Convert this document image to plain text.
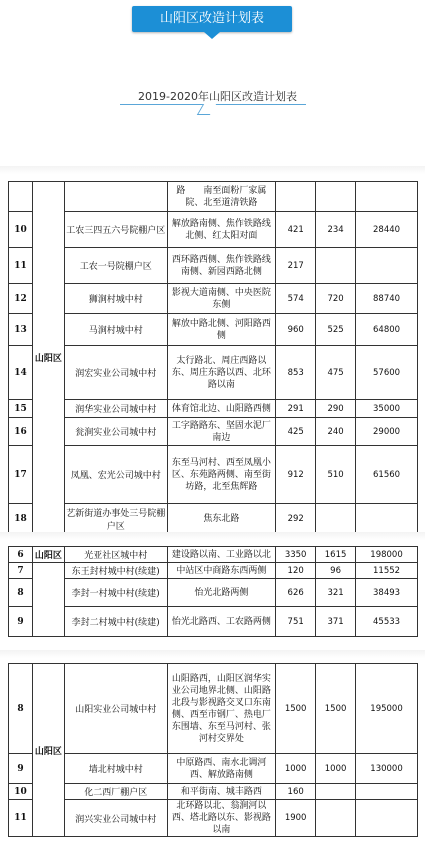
山阳区改造计划表
2019-2020年山阳区改造计划表
	山阳区		路　　南至面粉厂家属院、北至道清铁路			
10		工农三四五六号院棚户区	解放路南侧、焦作铁路线北侧、红太阳对面	421	234	28440
11		工农一号院棚户区	西环路西侧、焦作铁路线南侧、新园西路北侧	217		
12		狮涧村城中村	影视大道南侧、中央医院东侧	574	720	88740
13		马涧村城中村	解放中路北侧、河阳路西侧	960	525	64800
14		润宏实业公司城中村	太行路北、周庄西路以东、周庄东路以西、北环路以南	853	475	57600
15		润华实业公司城中村	体育馆北边、山阳路西侧	291	290	35000
16		瓮涧实业公司城中村	工字路路东、坚固水泥厂南边	425	240	29000
17		凤凰、宏光公司城中村	东至马河村、西至凤凰小区、东苑路两侧、南至街坊路，北至焦辉路	912	510	61560
18		艺新街道办事处三号院棚户区	焦东北路	292		
6	山阳区	光亚社区城中村	建设路以南、工业路以北	3350	1615	198000
7		东王封村城中村(续建)	中站区中商路东西两侧	120	96	11552
8		李封一村城中村(续建)	怡光北路两侧	626	321	38493
9		李封二村城中村(续建)	怡光北路西、工农路两侧	751	371	45533
8	山阳区	山阳实业公司城中村	山阳路西，山阳区润华实业公司地界北侧、山阳路北段与影视路交叉口东南侧、西至市钢厂、热电厂东围墙、东至马河村、张河村交界处	1500	1500	195000
9		墙北村城中村	中原路西、南水北调河西、解放路南侧	1000	1000	130000
10		化二西厂棚户区	和平街南、城丰路西	160		
11		润兴实业公司城中村	北环路以北、翁涧河以西、塔北路以东、影视路以南	1900		
